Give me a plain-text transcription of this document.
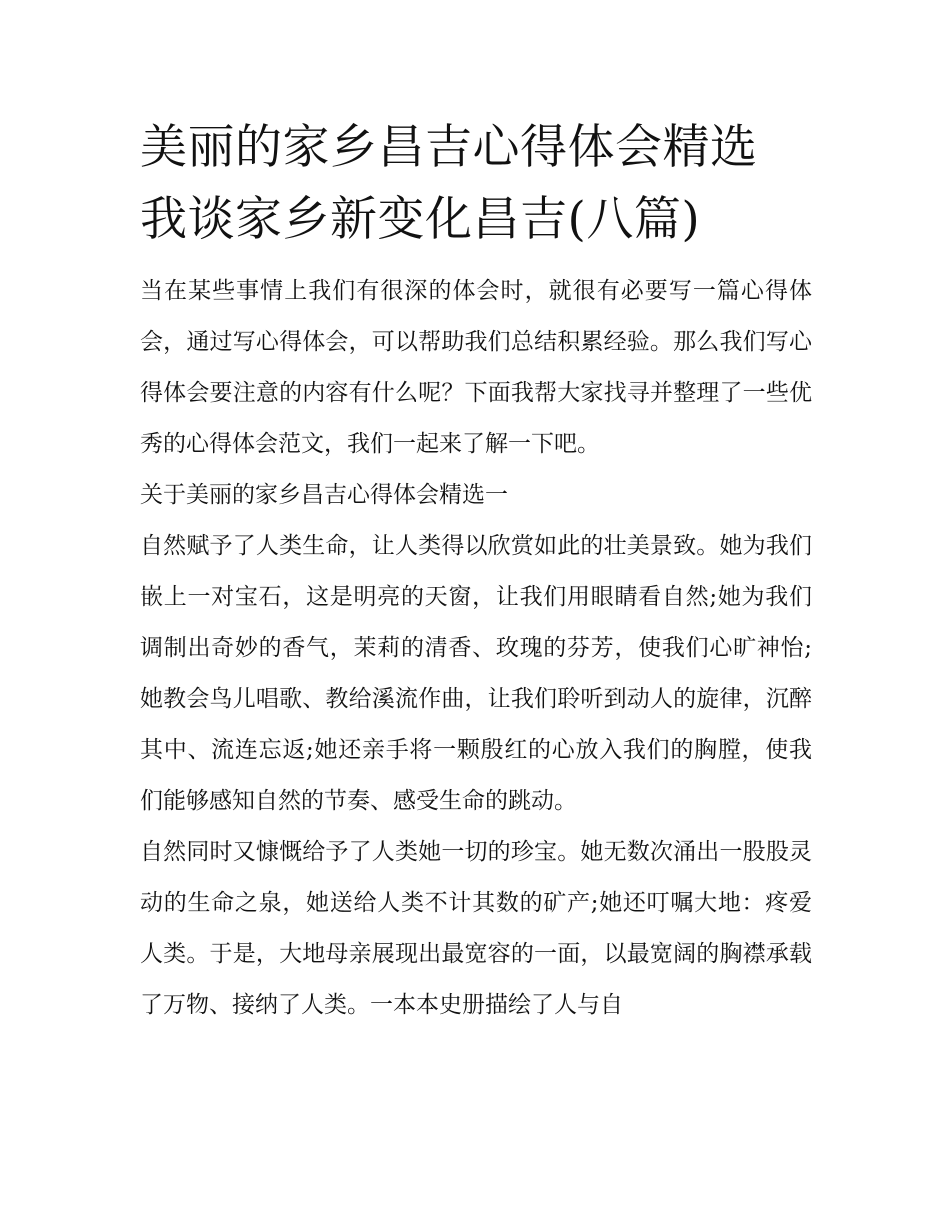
美丽的家乡昌吉心得体会精选
我谈家乡新变化昌吉(八篇)

当在某些事情上我们有很深的体会时，就很有必要写一篇心得体会，通过写心得体会，可以帮助我们总结积累经验。那么我们写心得体会要注意的内容有什么呢？下面我帮大家找寻并整理了一些优秀的心得体会范文，我们一起来了解一下吧。

关于美丽的家乡昌吉心得体会精选一

自然赋予了人类生命，让人类得以欣赏如此的壮美景致。她为我们嵌上一对宝石，这是明亮的天窗，让我们用眼睛看自然;她为我们调制出奇妙的香气，茉莉的清香、玫瑰的芬芳，使我们心旷神怡;她教会鸟儿唱歌、教给溪流作曲，让我们聆听到动人的旋律，沉醉其中、流连忘返;她还亲手将一颗殷红的心放入我们的胸膛，使我们能够感知自然的节奏、感受生命的跳动。

自然同时又慷慨给予了人类她一切的珍宝。她无数次涌出一股股灵动的生命之泉，她送给人类不计其数的矿产;她还叮嘱大地：疼爱人类。于是，大地母亲展现出最宽容的一面，以最宽阔的胸襟承载了万物、接纳了人类。一本本史册描绘了人与自
